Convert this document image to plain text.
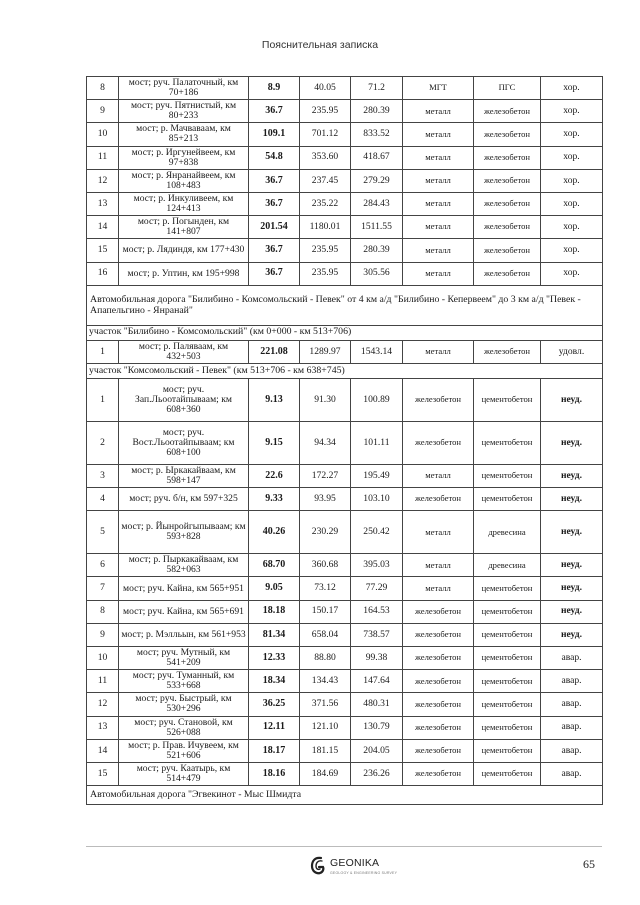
Пояснительная записка
8	мост; руч. Палаточный, км 70+186	8.9	40.05	71.2	МГТ	ПГС	хор.
9	мост; руч. Пятнистый, км 80+233	36.7	235.95	280.39	металл	железобетон	хор.
10	мост; р. Мачваваам, км 85+213	109.1	701.12	833.52	металл	железобетон	хор.
11	мост; р. Иргунейвеем, км 97+838	54.8	353.60	418.67	металл	железобетон	хор.
12	мост; р. Янранайвеем, км 108+483	36.7	237.45	279.29	металл	железобетон	хор.
13	мост; р. Инкуливеем, км 124+413	36.7	235.22	284.43	металл	железобетон	хор.
14	мост; р. Погынден, км 141+807	201.54	1180.01	1511.55	металл	железобетон	хор.
15	мост; р. Лядиндя, км 177+430	36.7	235.95	280.39	металл	железобетон	хор.
16	мост; р. Уптин, км 195+998	36.7	235.95	305.56	металл	железобетон	хор.
Автомобильная дорога "Билибино - Комсомольский - Певек" от 4 км а/д "Билибино - Кепервеем" до 3 км а/д "Певек - Апапельгино - Янранай"							
участок "Билибино - Комсомольский" (км 0+000 - км 513+706)							
1	мост; р. Паляваам, км 432+503	221.08	1289.97	1543.14	металл	железобетон	удовл.
участок "Комсомольский - Певек" (км 513+706 - км 638+745)							
1	мост; руч. Зап.Льоотайпываам; км 608+360	9.13	91.30	100.89	железобетон	цементобетон	неуд.
2	мост; руч. Вост.Льоотайпываам; км 608+100	9.15	94.34	101.11	железобетон	цементобетон	неуд.
3	мост; р. Ыркакайваам, км 598+147	22.6	172.27	195.49	металл	цементобетон	неуд.
4	мост; руч. б/н, км 597+325	9.33	93.95	103.10	железобетон	цементобетон	неуд.
5	мост; р. Йынройгыпываам; км 593+828	40.26	230.29	250.42	металл	древесина	неуд.
6	мост; р. Пыркакайваам, км 582+063	68.70	360.68	395.03	металл	древесина	неуд.
7	мост; руч. Кайна, км 565+951	9.05	73.12	77.29	металл	цементобетон	неуд.
8	мост; руч. Кайна, км 565+691	18.18	150.17	164.53	железобетон	цементобетон	неуд.
9	мост; р. Мэлльын, км 561+953	81.34	658.04	738.57	железобетон	цементобетон	неуд.
10	мост; руч. Мутный, км 541+209	12.33	88.80	99.38	железобетон	цементобетон	авар.
11	мост; руч. Туманный, км 533+668	18.34	134.43	147.64	железобетон	цементобетон	авар.
12	мост; руч. Быстрый, км 530+296	36.25	371.56	480.31	железобетон	цементобетон	авар.
13	мост; руч. Становой, км 526+088	12.11	121.10	130.79	железобетон	цементобетон	авар.
14	мост; р. Прав. Ичувеем, км 521+606	18.17	181.15	204.05	железобетон	цементобетон	авар.
15	мост; руч. Каатырь, км 514+479	18.16	184.69	236.26	железобетон	цементобетон	авар.
Автомобильная дорога "Эгвекинот - Мыс Шмидта							
GEONIKA
GEOLOGY & ENGINEERING SURVEY
65
